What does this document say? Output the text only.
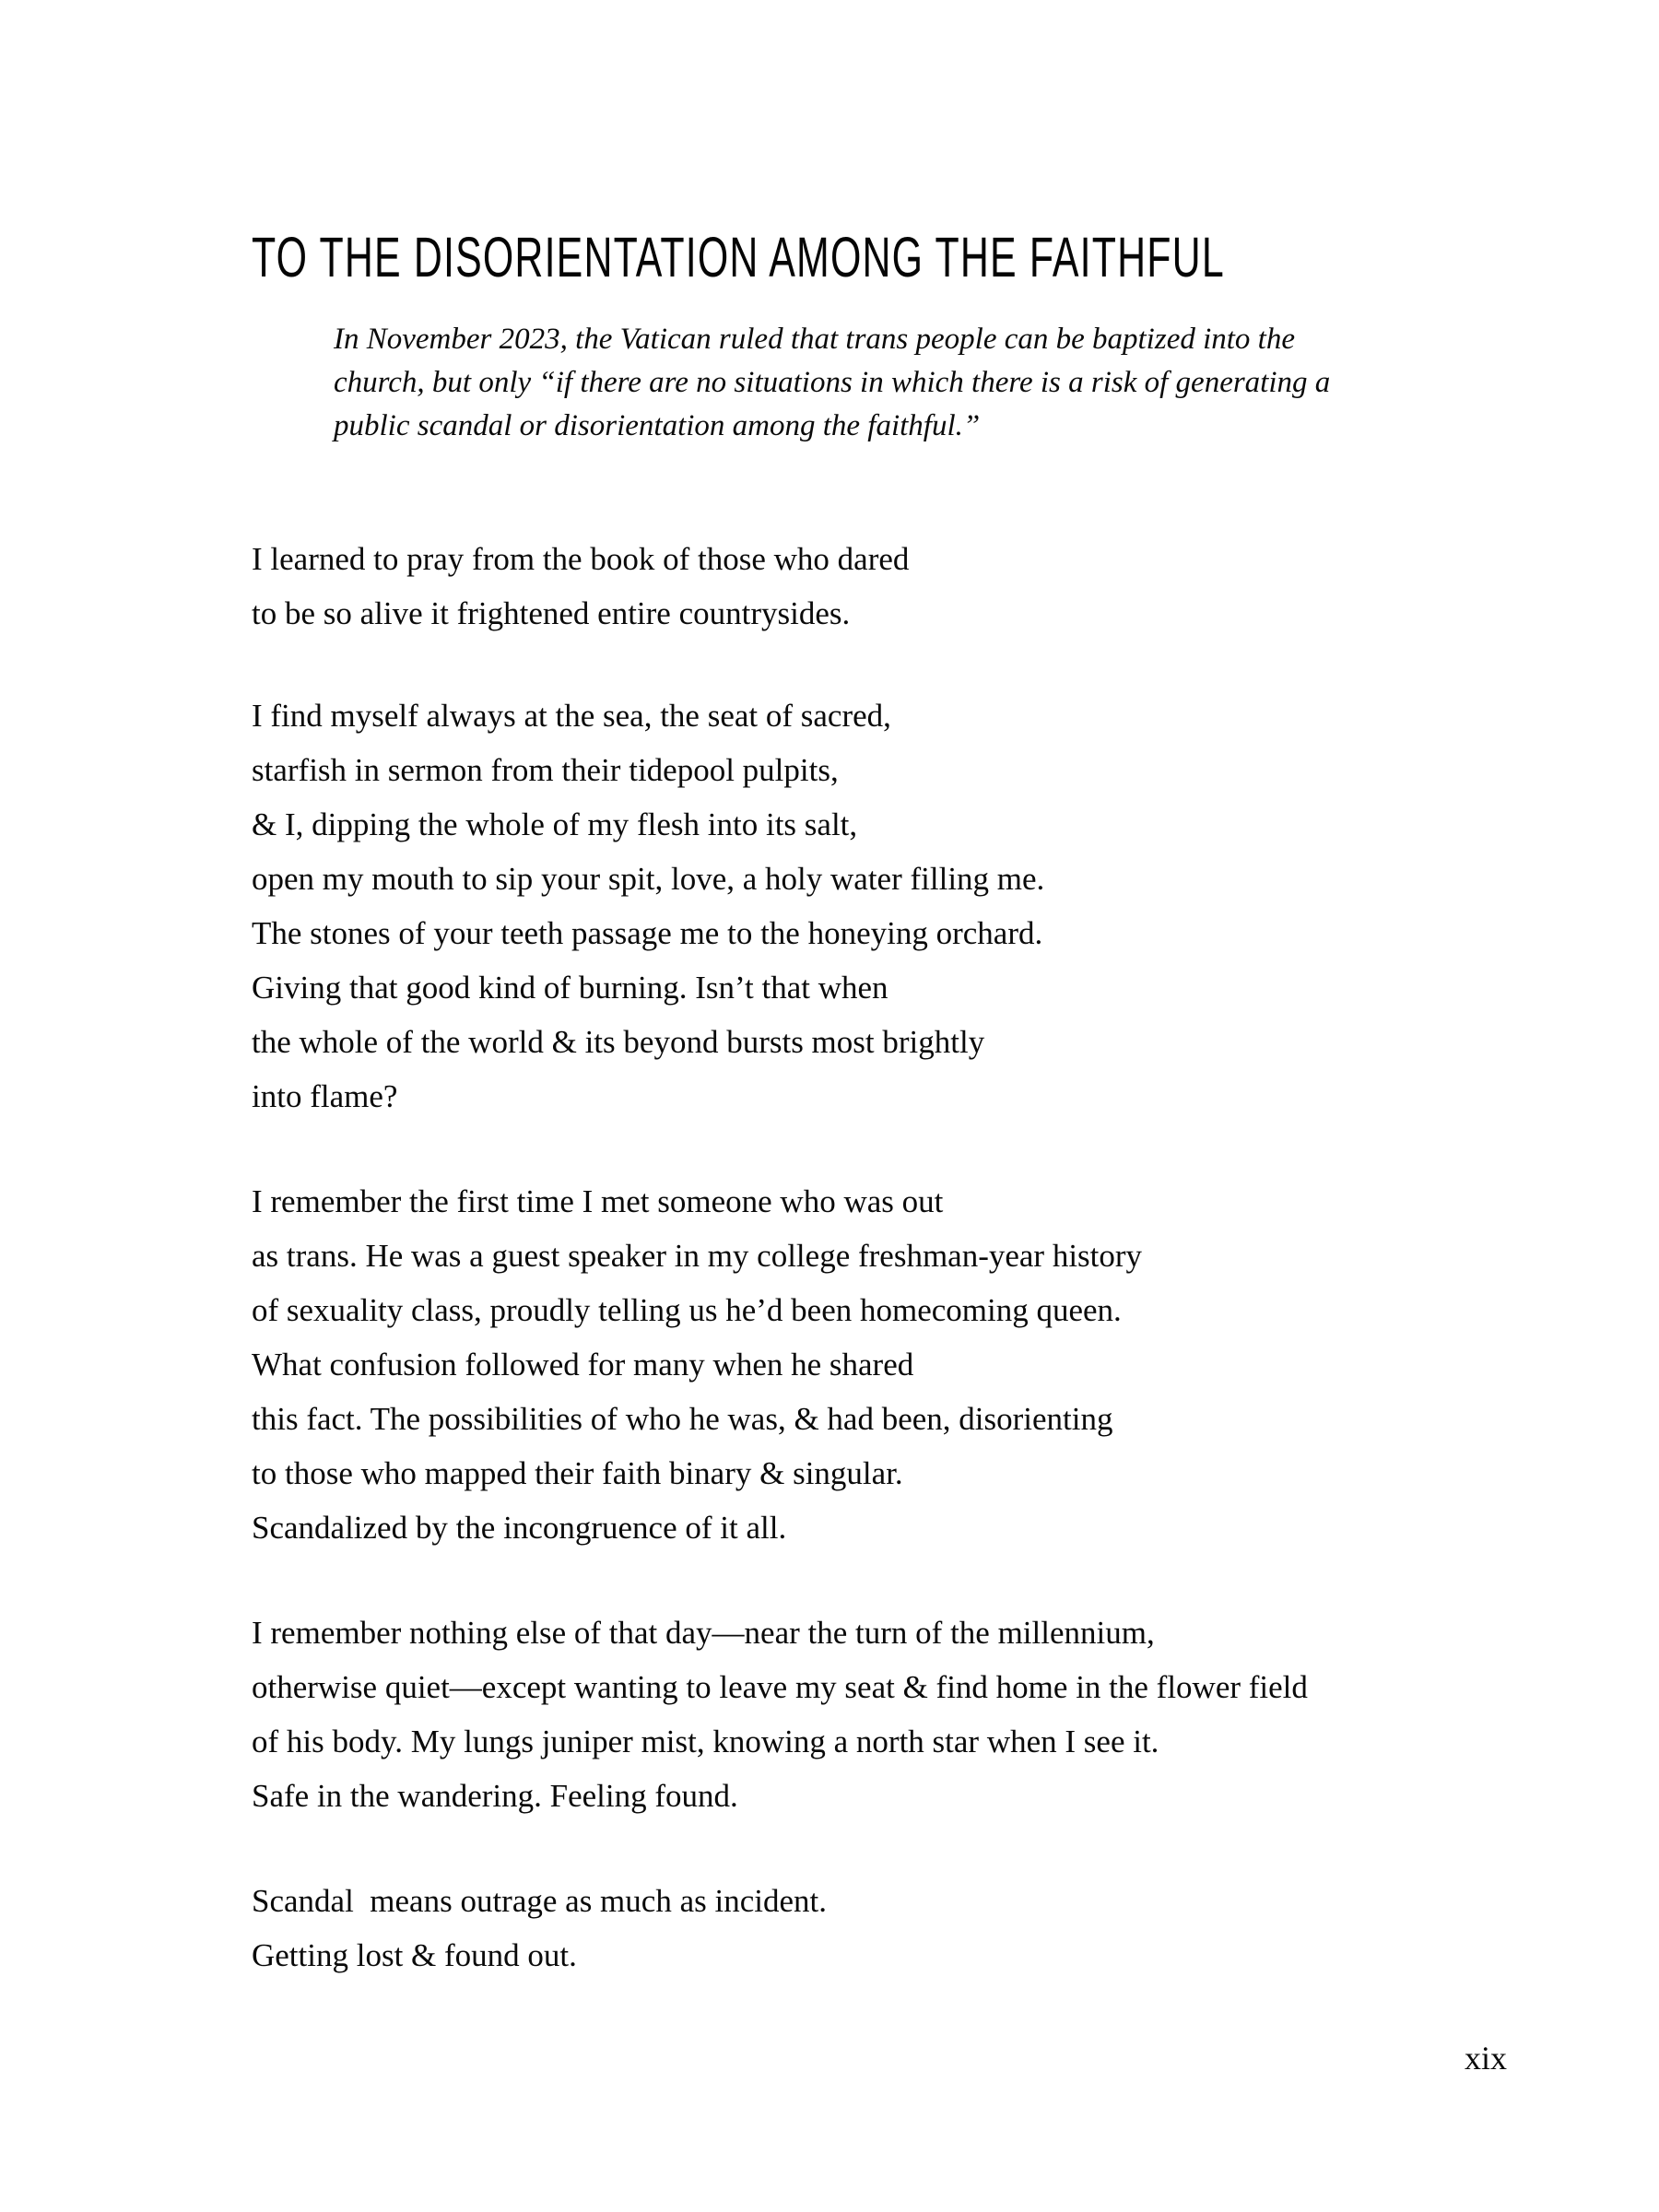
TO THE DISORIENTATION AMONG THE FAITHFUL
In November 2023, the Vatican ruled that trans people can be baptized into the
church, but only “if there are no situations in which there is a risk of generating a
public scandal or disorientation among the faithful.”
I learned to pray from the book of those who dared
to be so alive it frightened entire countrysides.
I find myself always at the sea, the seat of sacred,
starfish in sermon from their tidepool pulpits,
& I, dipping the whole of my flesh into its salt,
open my mouth to sip your spit, love, a holy water filling me.
The stones of your teeth passage me to the honeying orchard.
Giving that good kind of burning. Isn’t that when
the whole of the world & its beyond bursts most brightly
into flame?
I remember the first time I met someone who was out
as trans. He was a guest speaker in my college freshman-year history
of sexuality class, proudly telling us he’d been homecoming queen.
What confusion followed for many when he shared
this fact. The possibilities of who he was, & had been, disorienting
to those who mapped their faith binary & singular.
Scandalized by the incongruence of it all.
I remember nothing else of that day—near the turn of the millennium,
otherwise quiet—except wanting to leave my seat & find home in the flower field
of his body. My lungs juniper mist, knowing a north star when I see it.
Safe in the wandering. Feeling found.
Scandal  means outrage as much as incident.
Getting lost & found out.
xix
